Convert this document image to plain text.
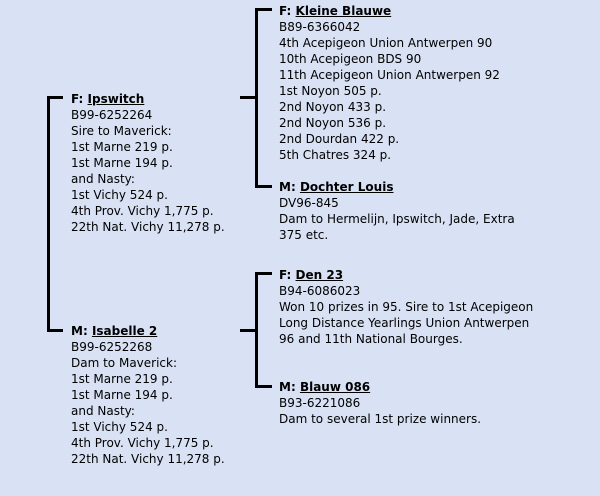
F: Ipswitch
B99-6252264
Sire to Maverick:
1st Marne 219 p.
1st Marne 194 p.
and Nasty:
1st Vichy 524 p.
4th Prov. Vichy 1,775 p.
22th Nat. Vichy 11,278 p.
M: Isabelle 2
B99-6252268
Dam to Maverick:
1st Marne 219 p.
1st Marne 194 p.
and Nasty:
1st Vichy 524 p.
4th Prov. Vichy 1,775 p.
22th Nat. Vichy 11,278 p.
F: Kleine Blauwe
B89-6366042
4th Acepigeon Union Antwerpen 90
10th Acepigeon BDS 90
11th Acepigeon Union Antwerpen 92
1st Noyon 505 p.
2nd Noyon 433 p.
2nd Noyon 536 p.
2nd Dourdan 422 p.
5th Chatres 324 p.
M: Dochter Louis
DV96-845
Dam to Hermelijn, Ipswitch, Jade, Extra 375 etc.
F: Den 23
B94-6086023
Won 10 prizes in 95. Sire to 1st Acepigeon Long Distance Yearlings Union Antwerpen 96 and 11th National Bourges.
M: Blauw 086
B93-6221086
Dam to several 1st prize winners.
